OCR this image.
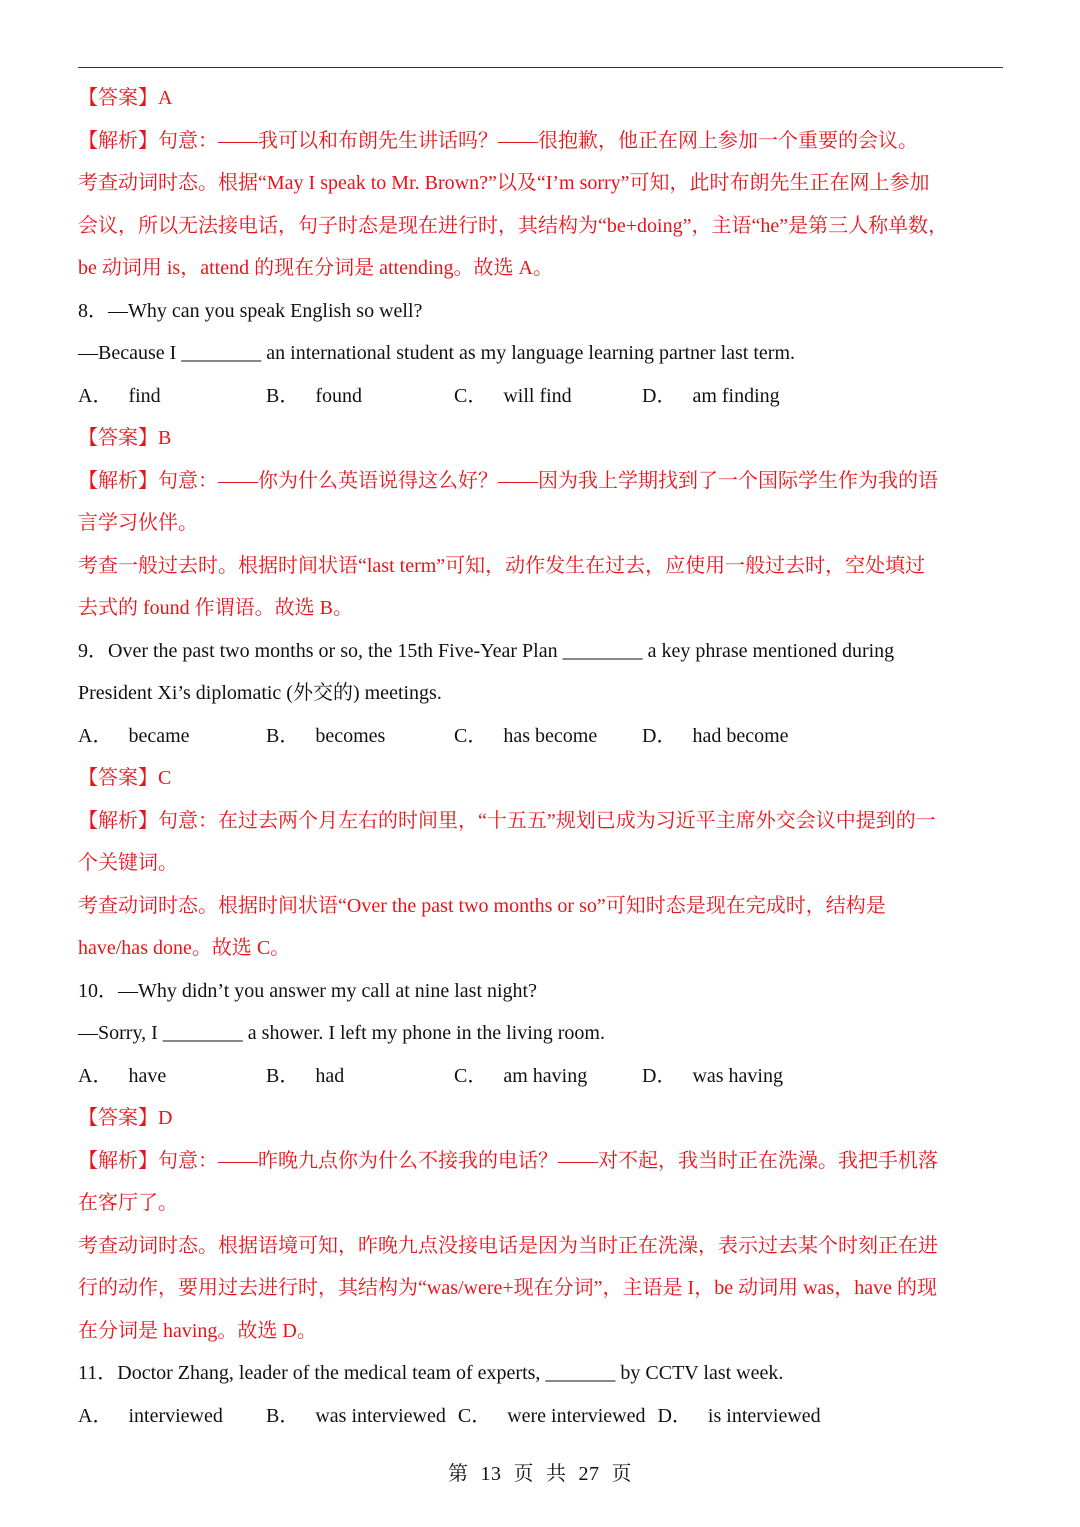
【答案】A
【解析】句意：——我可以和布朗先生讲话吗？——很抱歉，他正在网上参加一个重要的会议。
考查动词时态。根据“May I speak to Mr. Brown?”以及“I’m sorry”可知，此时布朗先生正在网上参加
会议，所以无法接电话，句子时态是现在进行时，其结构为“be+doing”，主语“he”是第三人称单数，
be 动词用 is，attend 的现在分词是 attending。故选 A。
8．—Why can you speak English so well?
—Because I ________ an international student as my language learning partner last term.
A． find	B． found	C． will find	D． am finding
【答案】B
【解析】句意：——你为什么英语说得这么好？——因为我上学期找到了一个国际学生作为我的语
言学习伙伴。
考查一般过去时。根据时间状语“last term”可知，动作发生在过去，应使用一般过去时，空处填过
去式的 found 作谓语。故选 B。
9．Over the past two months or so, the 15th Five-Year Plan ________ a key phrase mentioned during
President Xi’s diplomatic (外交的) meetings.
A． became	B． becomes	C． has become D． had become
【答案】C
【解析】句意：在过去两个月左右的时间里，“十五五”规划已成为习近平主席外交会议中提到的一
个关键词。
考查动词时态。根据时间状语“Over the past two months or so”可知时态是现在完成时，结构是
have/has done。故选 C。
10．—Why didn’t you answer my call at nine last night?
—Sorry, I ________ a shower. I left my phone in the living room.
A． have	B． had	C． am having	D． was having
【答案】D
【解析】句意：——昨晚九点你为什么不接我的电话？——对不起，我当时正在洗澡。我把手机落
在客厅了。
考查动词时态。根据语境可知，昨晚九点没接电话是因为当时正在洗澡，表示过去某个时刻正在进
行的动作，要用过去进行时，其结构为“was/were+现在分词”，主语是 I，be 动词用 was，have 的现
在分词是 having。故选 D。
11．Doctor Zhang, leader of the medical team of experts, _______ by CCTV last week.
A． interviewed B． was interviewed C． were interviewed D． is interviewed
第 13 页 共 27 页
